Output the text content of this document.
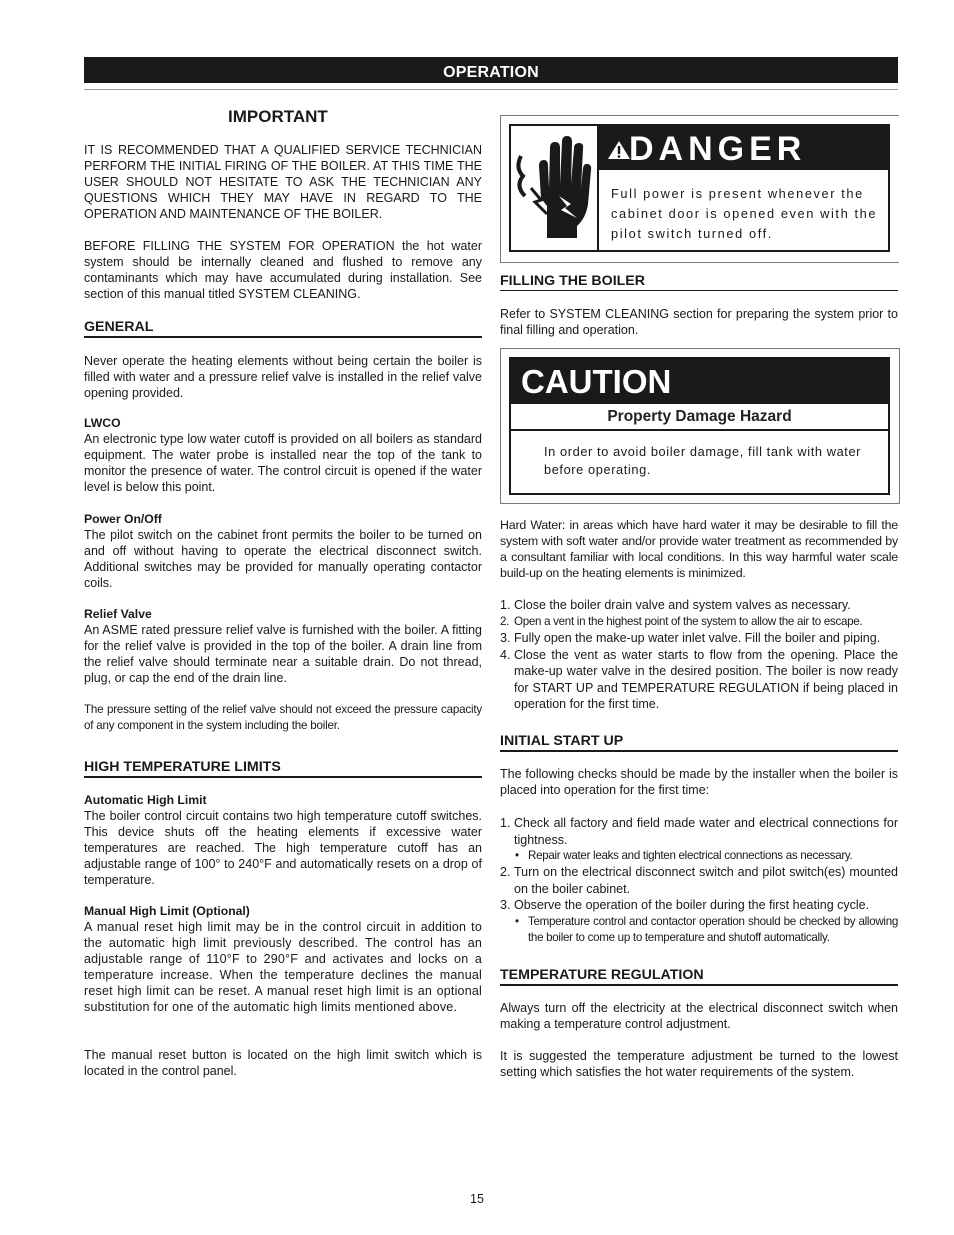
OPERATION
IMPORTANT

IT IS RECOMMENDED THAT A QUALIFIED SERVICE TECHNICIAN PERFORM THE INITIAL FIRING OF THE BOILER. AT THIS TIME THE USER SHOULD NOT HESITATE TO ASK THE TECHNICIAN ANY QUESTIONS WHICH THEY MAY HAVE IN REGARD TO THE OPERATION AND MAINTENANCE OF THE BOILER.

BEFORE FILLING THE SYSTEM FOR OPERATION the hot water system should be internally cleaned and flushed to remove any contaminants which may have accumulated during installation. See section of this manual titled SYSTEM CLEANING.

GENERAL

Never operate the heating elements without being certain the boiler is filled with water and a pressure relief valve is installed in the relief valve opening provided.

LWCO

An electronic type low water cutoff is provided on all boilers as standard equipment. The water probe is installed near the top of the tank to monitor the presence of water. The control circuit is opened if the water level is below this point.

Power On/Off

The pilot switch on the cabinet front permits the boiler to be turned on and off without having to operate the electrical disconnect switch. Additional switches may be provided for manually operating contactor coils.

Relief Valve

An ASME rated pressure relief valve is furnished with the boiler. A fitting for the relief valve is provided in the top of the boiler. A drain line from the relief valve should terminate near a suitable drain. Do not thread, plug, or cap the end of the drain line.

The pressure setting of the relief valve should not exceed the pressure capacity of any component in the system including the boiler.

HIGH TEMPERATURE LIMITS
Automatic High Limit

The boiler control circuit contains two high temperature cutoff switches. This device shuts off the heating elements if excessive water temperatures are reached. The high temperature cutoff has an adjustable range of 100° to 240°F and automatically resets on a drop of temperature.

Manual High Limit (Optional)

A manual reset high limit may be in the control circuit in addition to the automatic high limit previously described. The control has an adjustable range of 110°F to 290°F and activates and locks on a temperature increase. When the temperature declines the manual reset high limit can be reset. A manual reset high limit is an optional substitution for one of the automatic high limits mentioned above.

The manual reset button is located on the high limit switch which is located in the control panel.

DANGER
Full power is present whenever the cabinet door is opened even with the pilot switch turned off.
FILLING THE BOILER

Refer to SYSTEM CLEANING section for preparing the system prior to final filling and operation.

CAUTION
Property Damage Hazard
In order to avoid boiler damage, fill tank with water before operating.

Hard Water: in areas which have hard water it may be desirable to fill the system with soft water and/or provide water treatment as recommended by a consultant familiar with local conditions. In this way harmful water scale build-up on the heating elements is minimized.

1. Close the boiler drain valve and system valves as necessary.
2. Open a vent in the highest point of the system to allow the air to escape.
3. Fully open the make-up water inlet valve. Fill the boiler and piping.
4. Close the vent as water starts to flow from the opening. Place the make-up water valve in the desired position. The boiler is now ready for START UP and TEMPERATURE REGULATION if being placed in operation for the first time.
INITIAL START UP

The following checks should be made by the installer when the boiler is placed into operation for the first time:

1. Check all factory and field made water and electrical connections for tightness.
• Repair water leaks and tighten electrical connections as necessary.
2. Turn on the electrical disconnect switch and pilot switch(es) mounted on the boiler cabinet.
3. Observe the operation of the boiler during the first heating cycle.
• Temperature control and contactor operation should be checked by allowing the boiler to come up to temperature and shutoff automatically.
TEMPERATURE REGULATION

Always turn off the electricity at the electrical disconnect switch when making a temperature control adjustment.

It is suggested the temperature adjustment be turned to the lowest setting which satisfies the hot water requirements of the system.

15
